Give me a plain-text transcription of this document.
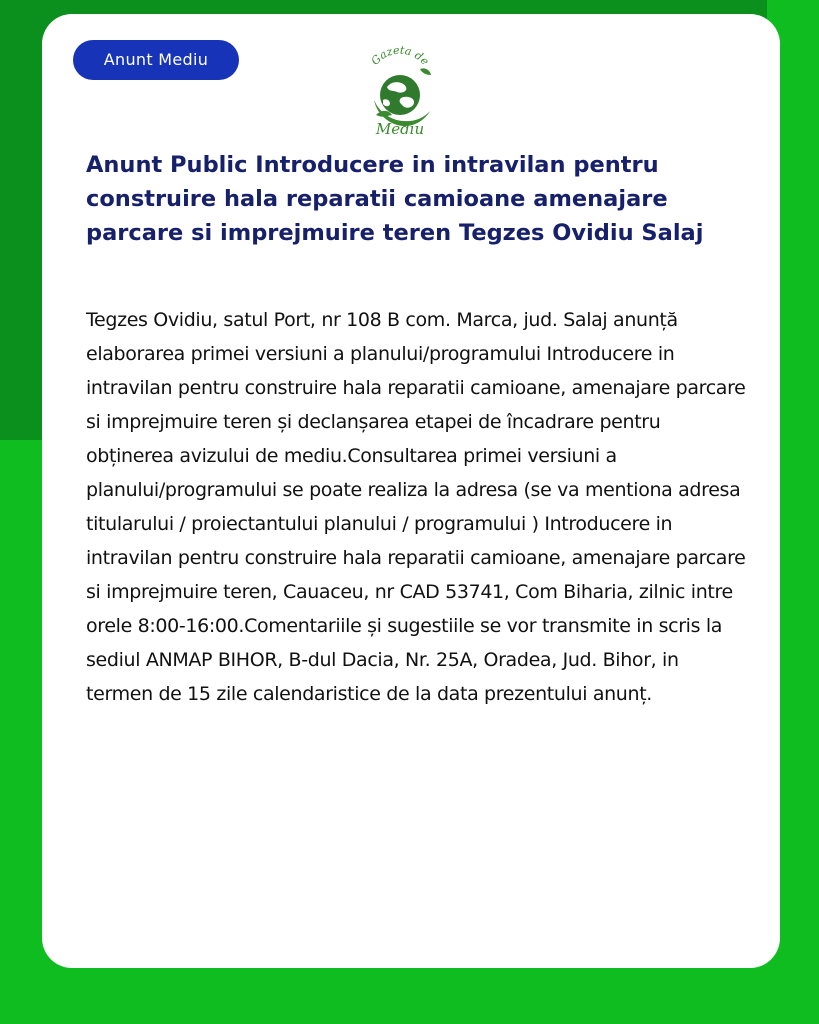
Anunt Mediu	Gazeta de
Mediu
Anunt Public Introducere in intravilan pentru construire hala reparatii camioane amenajare parcare si imprejmuire teren Tegzes Ovidiu Salaj

Tegzes Ovidiu, satul Port, nr 108 B com. Marca, jud. Salaj anunță elaborarea primei versiuni a planului/programului Introducere in intravilan pentru construire hala reparatii camioane, amenajare parcare si imprejmuire teren și declanșarea etapei de încadrare pentru obținerea avizului de mediu.Consultarea primei versiuni a planului/programului se poate realiza la adresa (se va mentiona adresa titularului / proiectantului planului / programului ) Introducere in intravilan pentru construire hala reparatii camioane, amenajare parcare si imprejmuire teren, Cauaceu, nr CAD 53741, Com Biharia, zilnic intre orele 8:00-16:00.Comentariile și sugestiile se vor transmite in scris la sediul ANMAP BIHOR, B-dul Dacia, Nr. 25A, Oradea, Jud. Bihor, in termen de 15 zile calendaristice de la data prezentului anunț.
